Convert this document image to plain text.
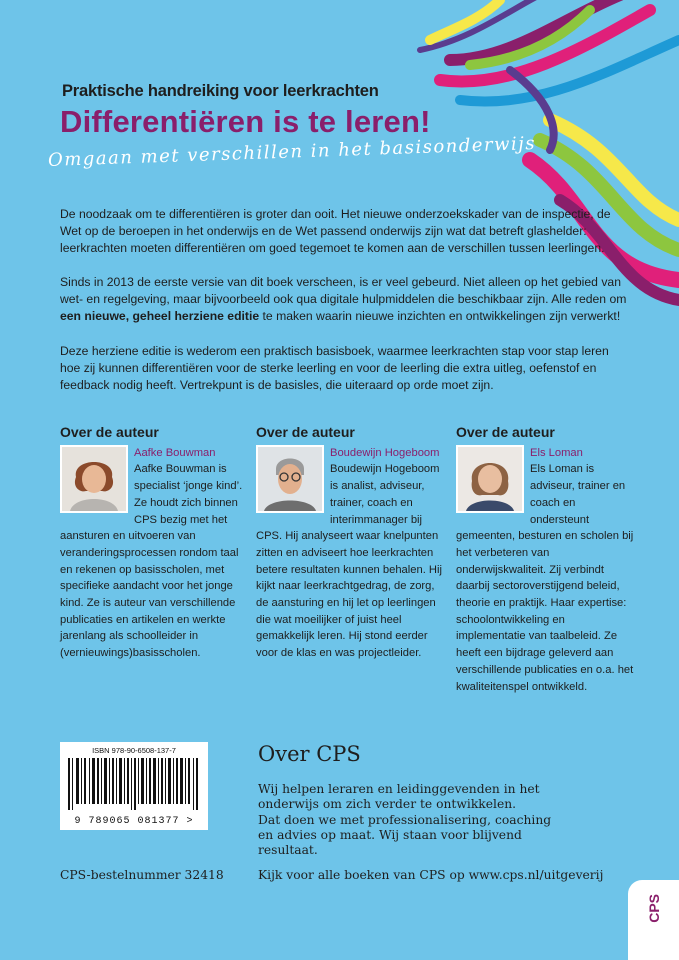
Praktische handreiking voor leerkrachten
Differentiëren is te leren!
Omgaan met verschillen in het basisonderwijs

De noodzaak om te differentiëren is groter dan ooit. Het nieuwe onderzoekskader van de inspectie, de Wet op de beroepen in het onderwijs en de Wet passend onderwijs zijn wat dat betreft glashelder: leerkrachten moeten differentiëren om goed tegemoet te komen aan de verschillen tussen leerlingen.

Sinds in 2013 de eerste versie van dit boek verscheen, is er veel gebeurd. Niet alleen op het gebied van wet- en regelgeving, maar bijvoorbeeld ook qua digitale hulpmiddelen die beschikbaar zijn. Alle reden om een nieuwe, geheel herziene editie te maken waarin nieuwe inzichten en ontwikkelingen zijn verwerkt!

Deze herziene editie is wederom een praktisch basisboek, waarmee leerkrachten stap voor stap leren hoe zij kunnen differentiëren voor de sterke leerling en voor de leerling die extra uitleg, oefenstof en feedback nodig heeft. Vertrekpunt is de basisles, die uiteraard op orde moet zijn.

Over de auteur
Aafke Bouwman

Aafke Bouwman is specialist ‘jonge kind’. Ze houdt zich binnen CPS bezig met het aansturen en uitvoeren van veranderingsprocessen rondom taal en rekenen op basisscholen, met specifieke aandacht voor het jonge kind. Ze is auteur van verschillende publicaties en artikelen en werkte jarenlang als schoolleider in (vernieuwings)basisscholen.

Over de auteur
Boudewijn Hogeboom

Boudewijn Hogeboom is analist, adviseur, trainer, coach en interimmanager bij CPS. Hij analyseert waar knelpunten zitten en adviseert hoe leerkrachten betere resultaten kunnen behalen. Hij kijkt naar leerkrachtgedrag, de zorg, de aansturing en hij let op leerlingen die wat moeilijker of juist heel gemakkelijk leren. Hij stond eerder voor de klas en was projectleider.

Over de auteur
Els Loman

Els Loman is adviseur, trainer en coach en ondersteunt gemeenten, besturen en scholen bij het verbeteren van onderwijskwaliteit. Zij verbindt daarbij sectoroverstijgend beleid, theorie en praktijk. Haar expertise: schoolontwikkeling en implementatie van taalbeleid. Ze heeft een bijdrage geleverd aan verschillende publicaties en o.a. het kwaliteitenspel ontwikkeld.

ISBN 978-90-6508-137-7
9 789065 081377 >
Over CPS

Wij helpen leraren en leidinggevenden in het onderwijs om zich verder te ontwikkelen.

Dat doen we met professionalisering, coaching en advies op maat. Wij staan voor blijvend resultaat.

CPS-bestelnummer 32418	Kijk voor alle boeken van CPS op www.cps.nl/uitgeverij
CPS
